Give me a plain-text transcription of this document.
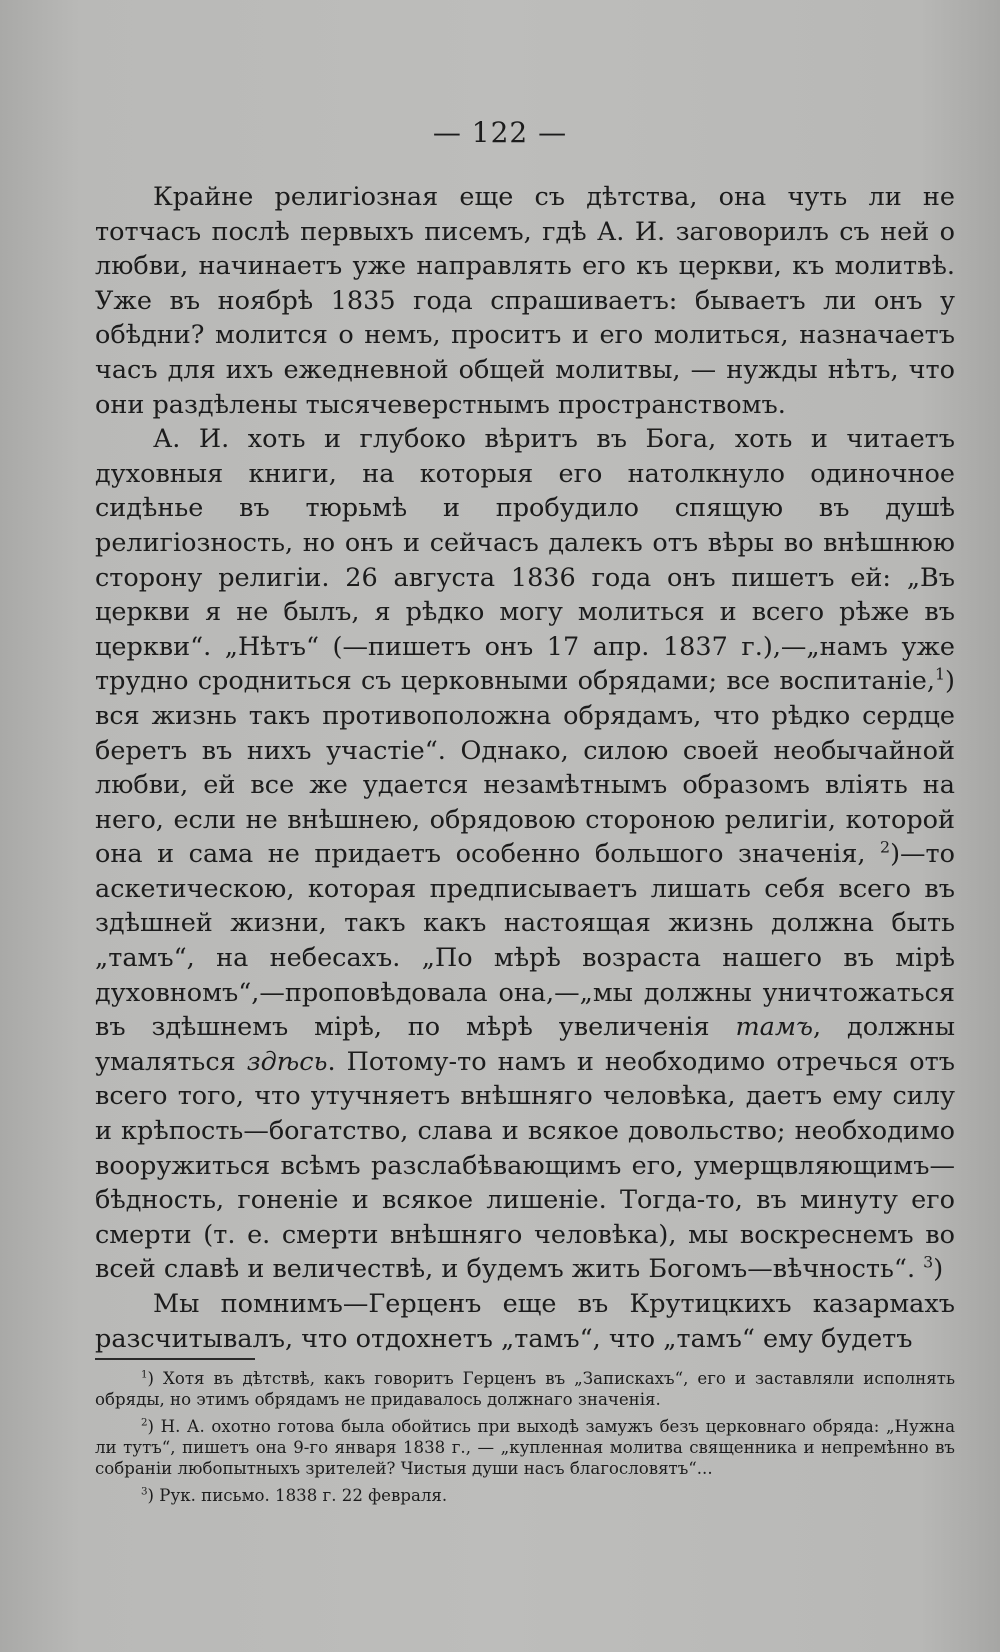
— 122 —

Крайне религіозная еще съ дѣтства, она чуть ли не тотчасъ послѣ первыхъ писемъ, гдѣ А. И. заговорилъ съ ней о любви, начинаетъ уже направлять его къ церкви, къ молитвѣ. Уже въ ноябрѣ 1835 года спрашиваетъ: бываетъ ли онъ у обѣдни? молится о немъ, проситъ и его молиться, назначаетъ часъ для ихъ ежедневной общей молитвы, — нужды нѣтъ, что они раздѣлены тысячеверстнымъ пространствомъ.

А. И. хоть и глубоко вѣритъ въ Бога, хоть и читаетъ духовныя книги, на которыя его натолкнуло одиночное сидѣнье въ тюрьмѣ и пробудило спящую въ душѣ религіозность, но онъ и сейчасъ далекъ отъ вѣры во внѣшнюю сторону религіи. 26 августа 1836 года онъ пишетъ ей: „Въ церкви я не былъ, я рѣдко могу молиться и всего рѣже въ церкви“. „Нѣтъ“ (—пишетъ онъ 17 апр. 1837 г.),—„намъ уже трудно сродниться съ церковными обрядами; все воспитаніе,$^1$) вся жизнь такъ противоположна обрядамъ, что рѣдко сердце беретъ въ нихъ участіе“. Однако, силою своей необычайной любви, ей все же удается незамѣтнымъ образомъ вліять на него, если не внѣшнею, обрядовою стороною религіи, которой она и сама не придаетъ особенно большого значенія, $^2$)—то аскетическою, которая предписываетъ лишать себя всего въ здѣшней жизни, такъ какъ настоящая жизнь должна быть „тамъ“, на небесахъ. „По мѣрѣ возраста нашего въ мірѣ духовномъ“,—проповѣдовала она,—„мы должны уничтожаться въ здѣшнемъ мірѣ, по мѣрѣ увеличенія тамъ, должны умаляться здѣсь. Потому-то намъ и необходимо отречься отъ всего того, что утучняетъ внѣшняго человѣка, даетъ ему силу и крѣпость—богатство, слава и всякое довольство; необходимо вооружиться всѣмъ разслабѣвающимъ его, умерщвляющимъ—бѣдность, гоненіе и всякое лишеніе. Тогда-то, въ минуту его смерти (т. е. смерти внѣшняго человѣка), мы воскреснемъ во всей славѣ и величествѣ, и будемъ жить Богомъ—вѣчность“. $^3$)

Мы помнимъ—Герценъ еще въ Крутицкихъ казармахъ разсчитывалъ, что отдохнетъ „тамъ“, что „тамъ“ ему будетъ

$^1$) Хотя въ дѣтствѣ, какъ говоритъ Герценъ въ „Запискахъ“, его и заставляли исполнять обряды, но этимъ обрядамъ не придавалось должнаго значенія.

$^2$) Н. А. охотно готова была обойтись при выходѣ замужъ безъ церковнаго обряда: „Нужна ли тутъ“, пишетъ она 9-го января 1838 г., — „купленная молитва священника и непремѣнно въ собраніи любопытныхъ зрителей? Чистыя души насъ благословятъ“...

$^3$) Рук. письмо. 1838 г. 22 февраля.
